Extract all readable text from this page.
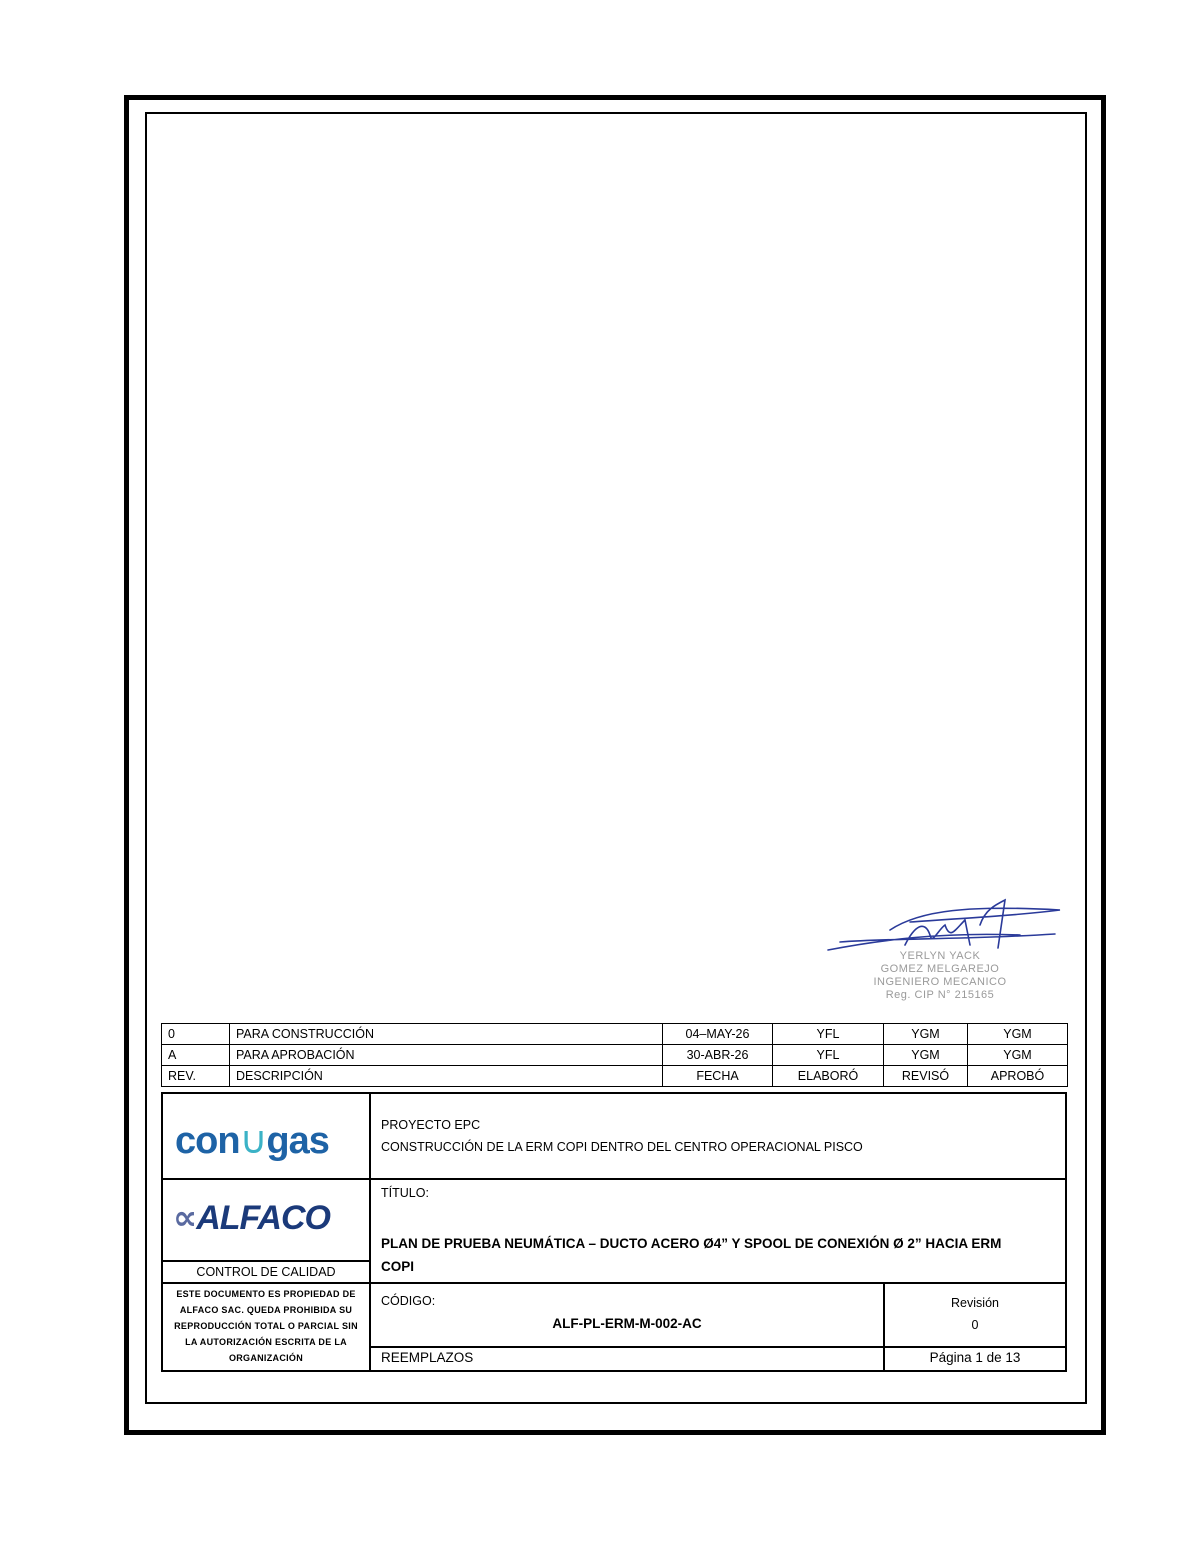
YERLYN YACK
GOMEZ MELGAREJO
INGENIERO MECANICO
Reg. CIP N° 215165
0	PARA CONSTRUCCIÓN	04–MAY-26	YFL	YGM	YGM
A	PARA APROBACIÓN	30-ABR-26	YFL	YGM	YGM
REV.	DESCRIPCIÓN	FECHA	ELABORÓ	REVISÓ	APROBÓ
con∪gas
∝ALFACO
CONTROL DE CALIDAD
ESTE DOCUMENTO ES PROPIEDAD DE
ALFACO SAC. QUEDA PROHIBIDA SU
REPRODUCCIÓN TOTAL O PARCIAL SIN
LA AUTORIZACIÓN ESCRITA DE LA
ORGANIZACIÓN
PROYECTO EPC
CONSTRUCCIÓN DE LA ERM COPI DENTRO DEL CENTRO OPERACIONAL PISCO
TÍTULO:
PLAN DE PRUEBA NEUMÁTICA – DUCTO ACERO Ø4” Y SPOOL DE CONEXIÓN Ø 2” HACIA ERM
COPI
CÓDIGO:
ALF-PL-ERM-M-002-AC
Revisión
0
REEMPLAZOS	Página 1 de 13
